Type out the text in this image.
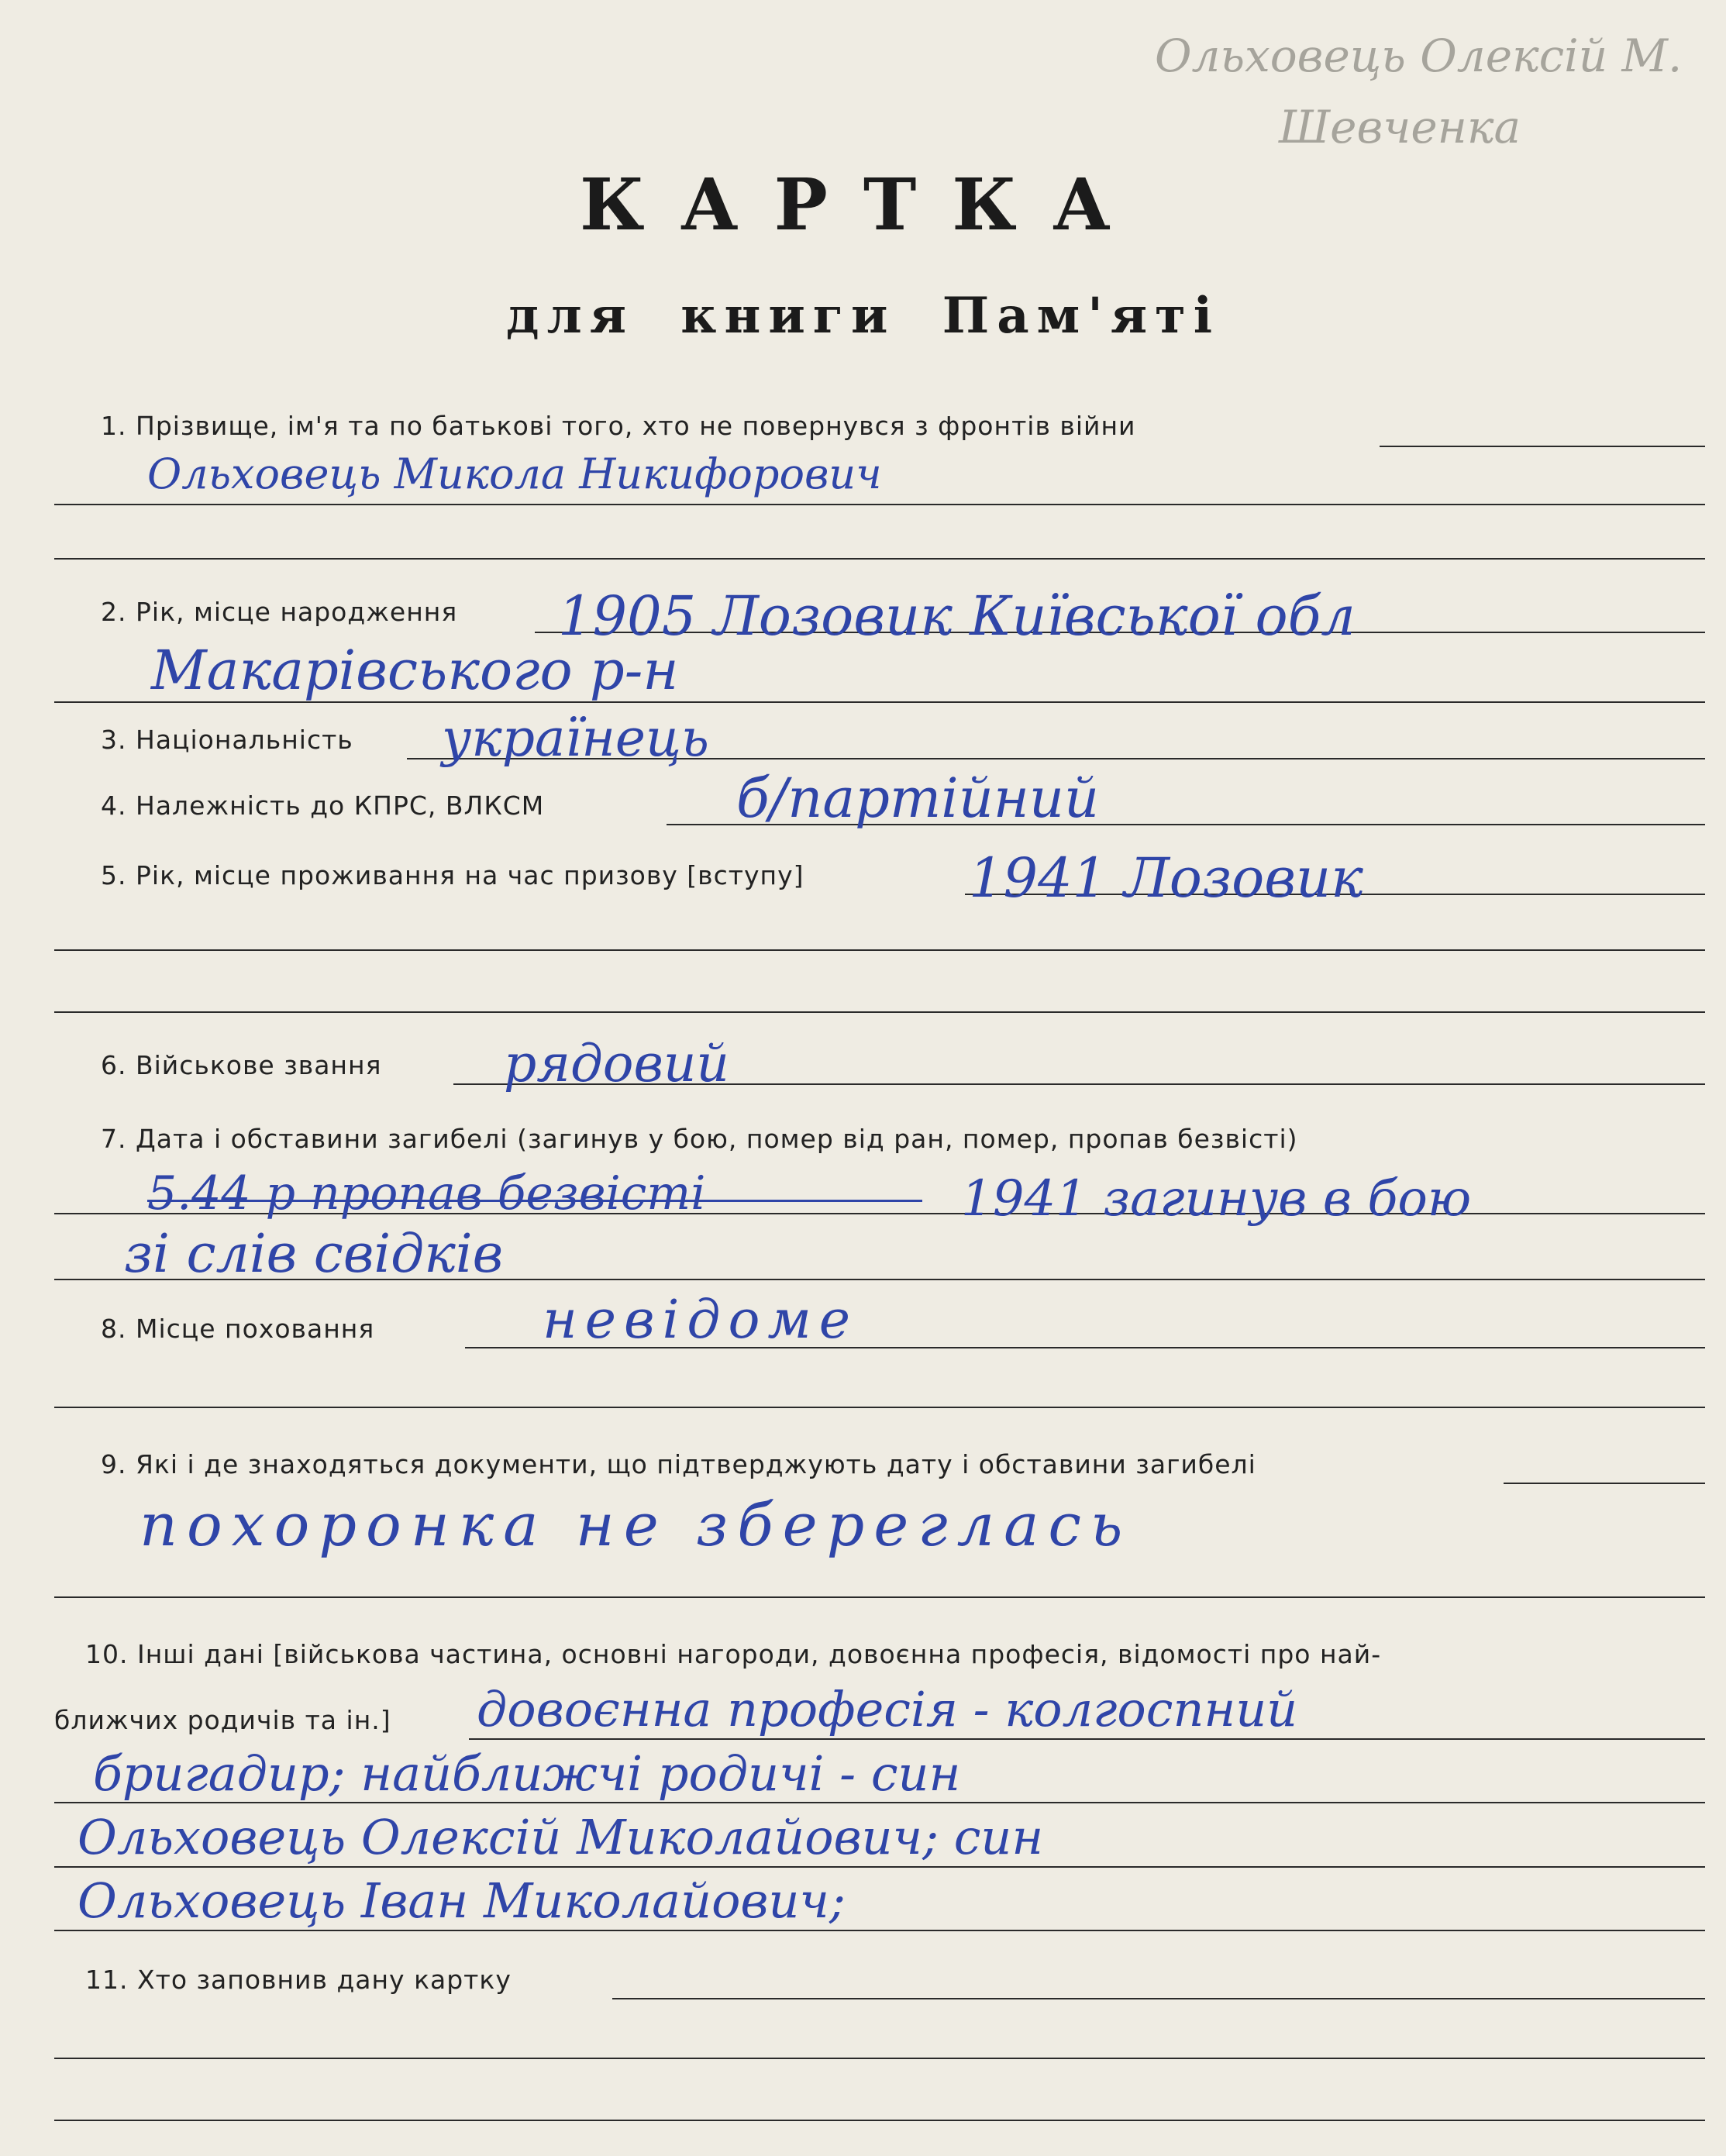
Ольховець Олексій М.
Шевченка
КАРТКА
для книги Пам'яті
1. Прізвище, ім'я та по батькові того, хто не повернувся з фронтів війни
Ольховець Микола Никифорович
2. Рік, місце народження 1905 Лозовик Київської обл
Макарівського р-н
3. Національність українець
4. Належність до КПРС, ВЛКСМ	б/партійний
5. Рік, місце проживання на час призову [вступу]	1941 Лозовик
6. Військове звання рядовий
7. Дата і обставини загибелі (загинув у бою, помер від ран, помер, пропав безвісті)
5.44 р пропав безвісті	1941 загинув в бою
зі слів свідків
8. Місце поховання	невідоме
9. Які і де знаходяться документи, що підтверджують дату і обставини загибелі
похоронка не збереглась
10. Інші дані [військова частина, основні нагороди, довоєнна професія, відомості про най-
ближчих родичів та ін.] довоєнна професія - колгоспний
бригадир; найближчі родичі - син
Ольховець Олексій Миколайович; син
Ольховець Іван Миколайович;
11. Хто заповнив дану картку
